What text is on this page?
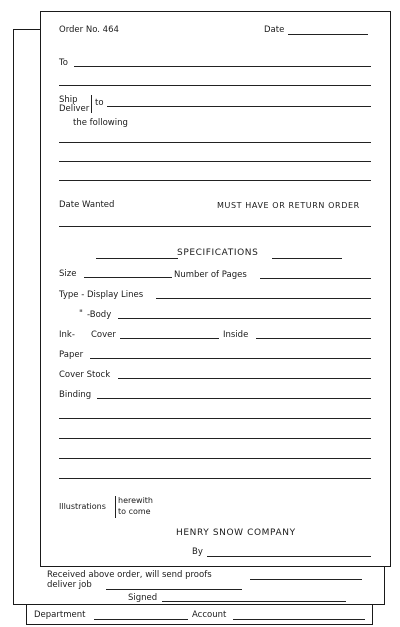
Department	Account
Received above order, will send proofs
deliver job
Signed
Order No. 464	Date
To
Ship
Deliver
to
the following
Date Wanted	MUST HAVE OR RETURN ORDER
SPECIFICATIONS
Size	Number of Pages
Type - Display Lines
" -Body
Ink- Cover	Inside
Paper
Cover Stock
Binding
Illustrations
herewith
to come
HENRY SNOW COMPANY
By
